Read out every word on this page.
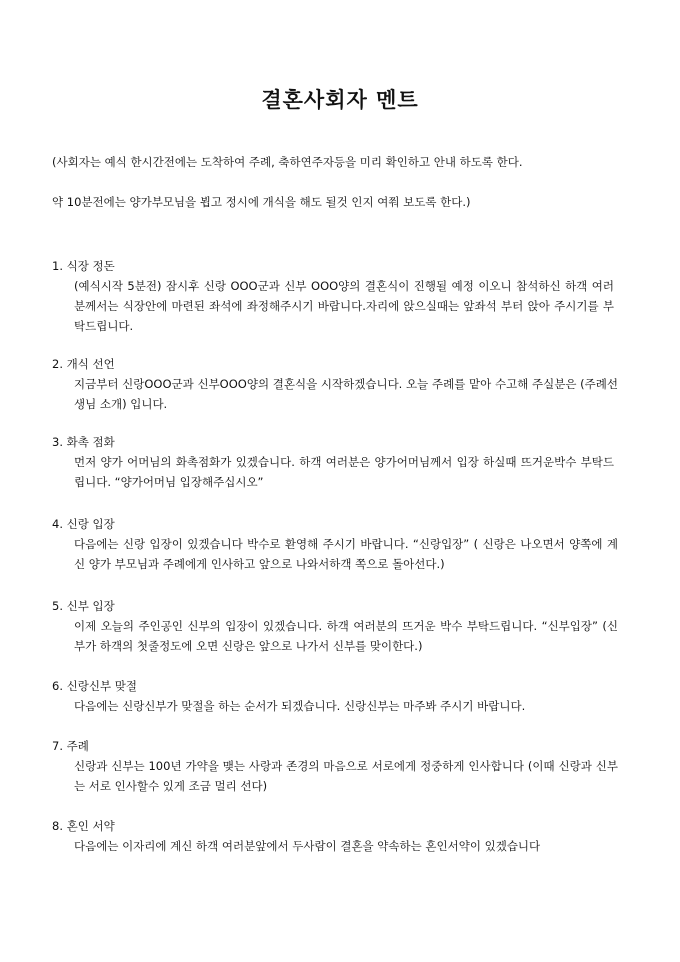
결혼사회자 멘트
(사회자는 예식 한시간전에는 도착하여 주례, 축하연주자등을 미리 확인하고 안내 하도록 한다.
약 10분전에는 양가부모님을 뵙고 정시에 개식을 해도 될것 인지 여쭤 보도록 한다.)
1. 식장 정돈
(예식시작 5분전) 잠시후 신랑 OOO군과 신부 OOO양의 결혼식이 진행될 예정 이오니 참석하신 하객 여러분께서는 식장안에 마련된 좌석에 좌정해주시기 바랍니다.자리에 앉으실때는 앞좌석 부터 앉아 주시기를 부탁드립니다.
2. 개식 선언
지금부터 신랑OOO군과 신부OOO양의 결혼식을 시작하겠습니다. 오늘 주례를 맡아 수고해 주실분은 (주례선생님 소개) 입니다.
3. 화촉 점화
먼저 양가 어머님의 화촉점화가 있겠습니다. 하객 여러분은 양가어머님께서 입장 하실때 뜨거운박수 부탁드립니다. “양가어머님 입장해주십시오”
4. 신랑 입장
다음에는 신랑 입장이 있겠습니다 박수로 환영해 주시기 바랍니다. “신랑입장” ( 신랑은 나오면서 양쪽에 계신 양가 부모님과 주례에게 인사하고 앞으로 나와서하객 쪽으로 돌아선다.)
5. 신부 입장
이제 오늘의 주인공인 신부의 입장이 있겠습니다. 하객 여러분의 뜨거운 박수 부탁드립니다. “신부입장” (신부가 하객의 첫줄정도에 오면 신랑은 앞으로 나가서 신부를 맞이한다.)
6. 신랑신부 맞절
다음에는 신랑신부가 맞절을 하는 순서가 되겠습니다. 신랑신부는 마주봐 주시기 바랍니다.
7. 주례
신랑과 신부는 100년 가약을 맺는 사랑과 존경의 마음으로 서로에게 정중하게 인사합니다 (이때 신랑과 신부는 서로 인사할수 있게 조금 멀리 선다)
8. 혼인 서약
다음에는 이자리에 계신 하객 여러분앞에서 두사람이 결혼을 약속하는 혼인서약이 있겠습니다
